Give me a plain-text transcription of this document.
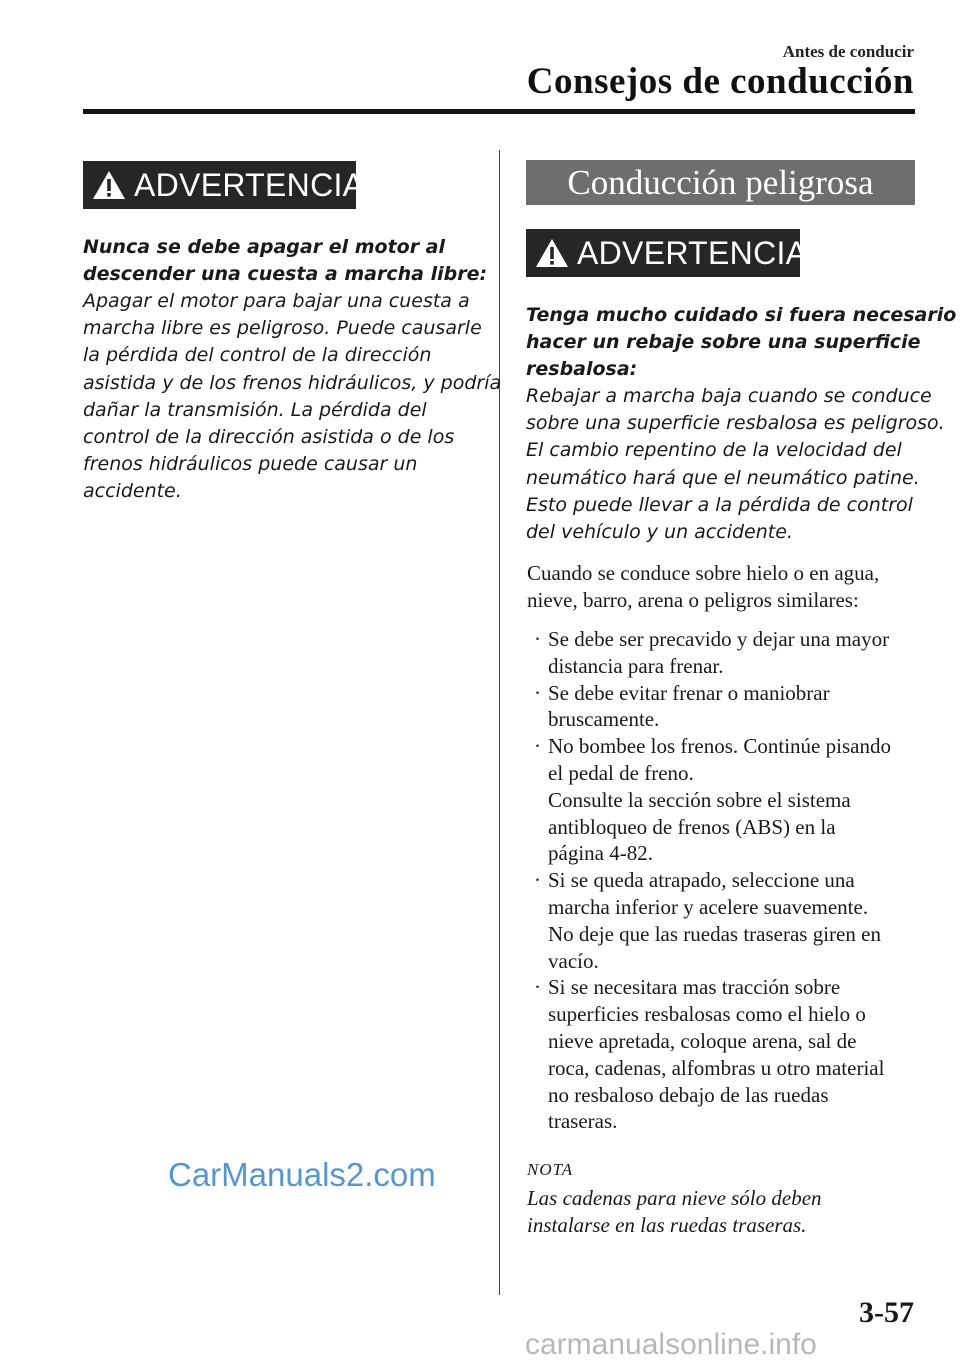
Antes de conducir
Consejos de conducción
ADVERTENCIA
Nunca se debe apagar el motor al
descender una cuesta a marcha libre:
Apagar el motor para bajar una cuesta a
marcha libre es peligroso. Puede causarle
la pérdida del control de la dirección
asistida y de los frenos hidráulicos, y podría
dañar la transmisión. La pérdida del
control de la dirección asistida o de los
frenos hidráulicos puede causar un
accidente.
Conducción peligrosa
ADVERTENCIA
Tenga mucho cuidado si fuera necesario
hacer un rebaje sobre una superficie
resbalosa:
Rebajar a marcha baja cuando se conduce
sobre una superficie resbalosa es peligroso.
El cambio repentino de la velocidad del
neumático hará que el neumático patine.
Esto puede llevar a la pérdida de control
del vehículo y un accidente.
Cuando se conduce sobre hielo o en agua,
nieve, barro, arena o peligros similares:
· Se debe ser precavido y dejar una mayor
distancia para frenar.
· Se debe evitar frenar o maniobrar
bruscamente.
· No bombee los frenos. Continúe pisando
el pedal de freno.
Consulte la sección sobre el sistema
antibloqueo de frenos (ABS) en la
página 4-82.
· Si se queda atrapado, seleccione una
marcha inferior y acelere suavemente.
No deje que las ruedas traseras giren en
vacío.
· Si se necesitara mas tracción sobre
superficies resbalosas como el hielo o
nieve apretada, coloque arena, sal de
roca, cadenas, alfombras u otro material
no resbaloso debajo de las ruedas
traseras.
NOTA
Las cadenas para nieve sólo deben
instalarse en las ruedas traseras.
CarManuals2.com
3-57
carmanualsonline.info
